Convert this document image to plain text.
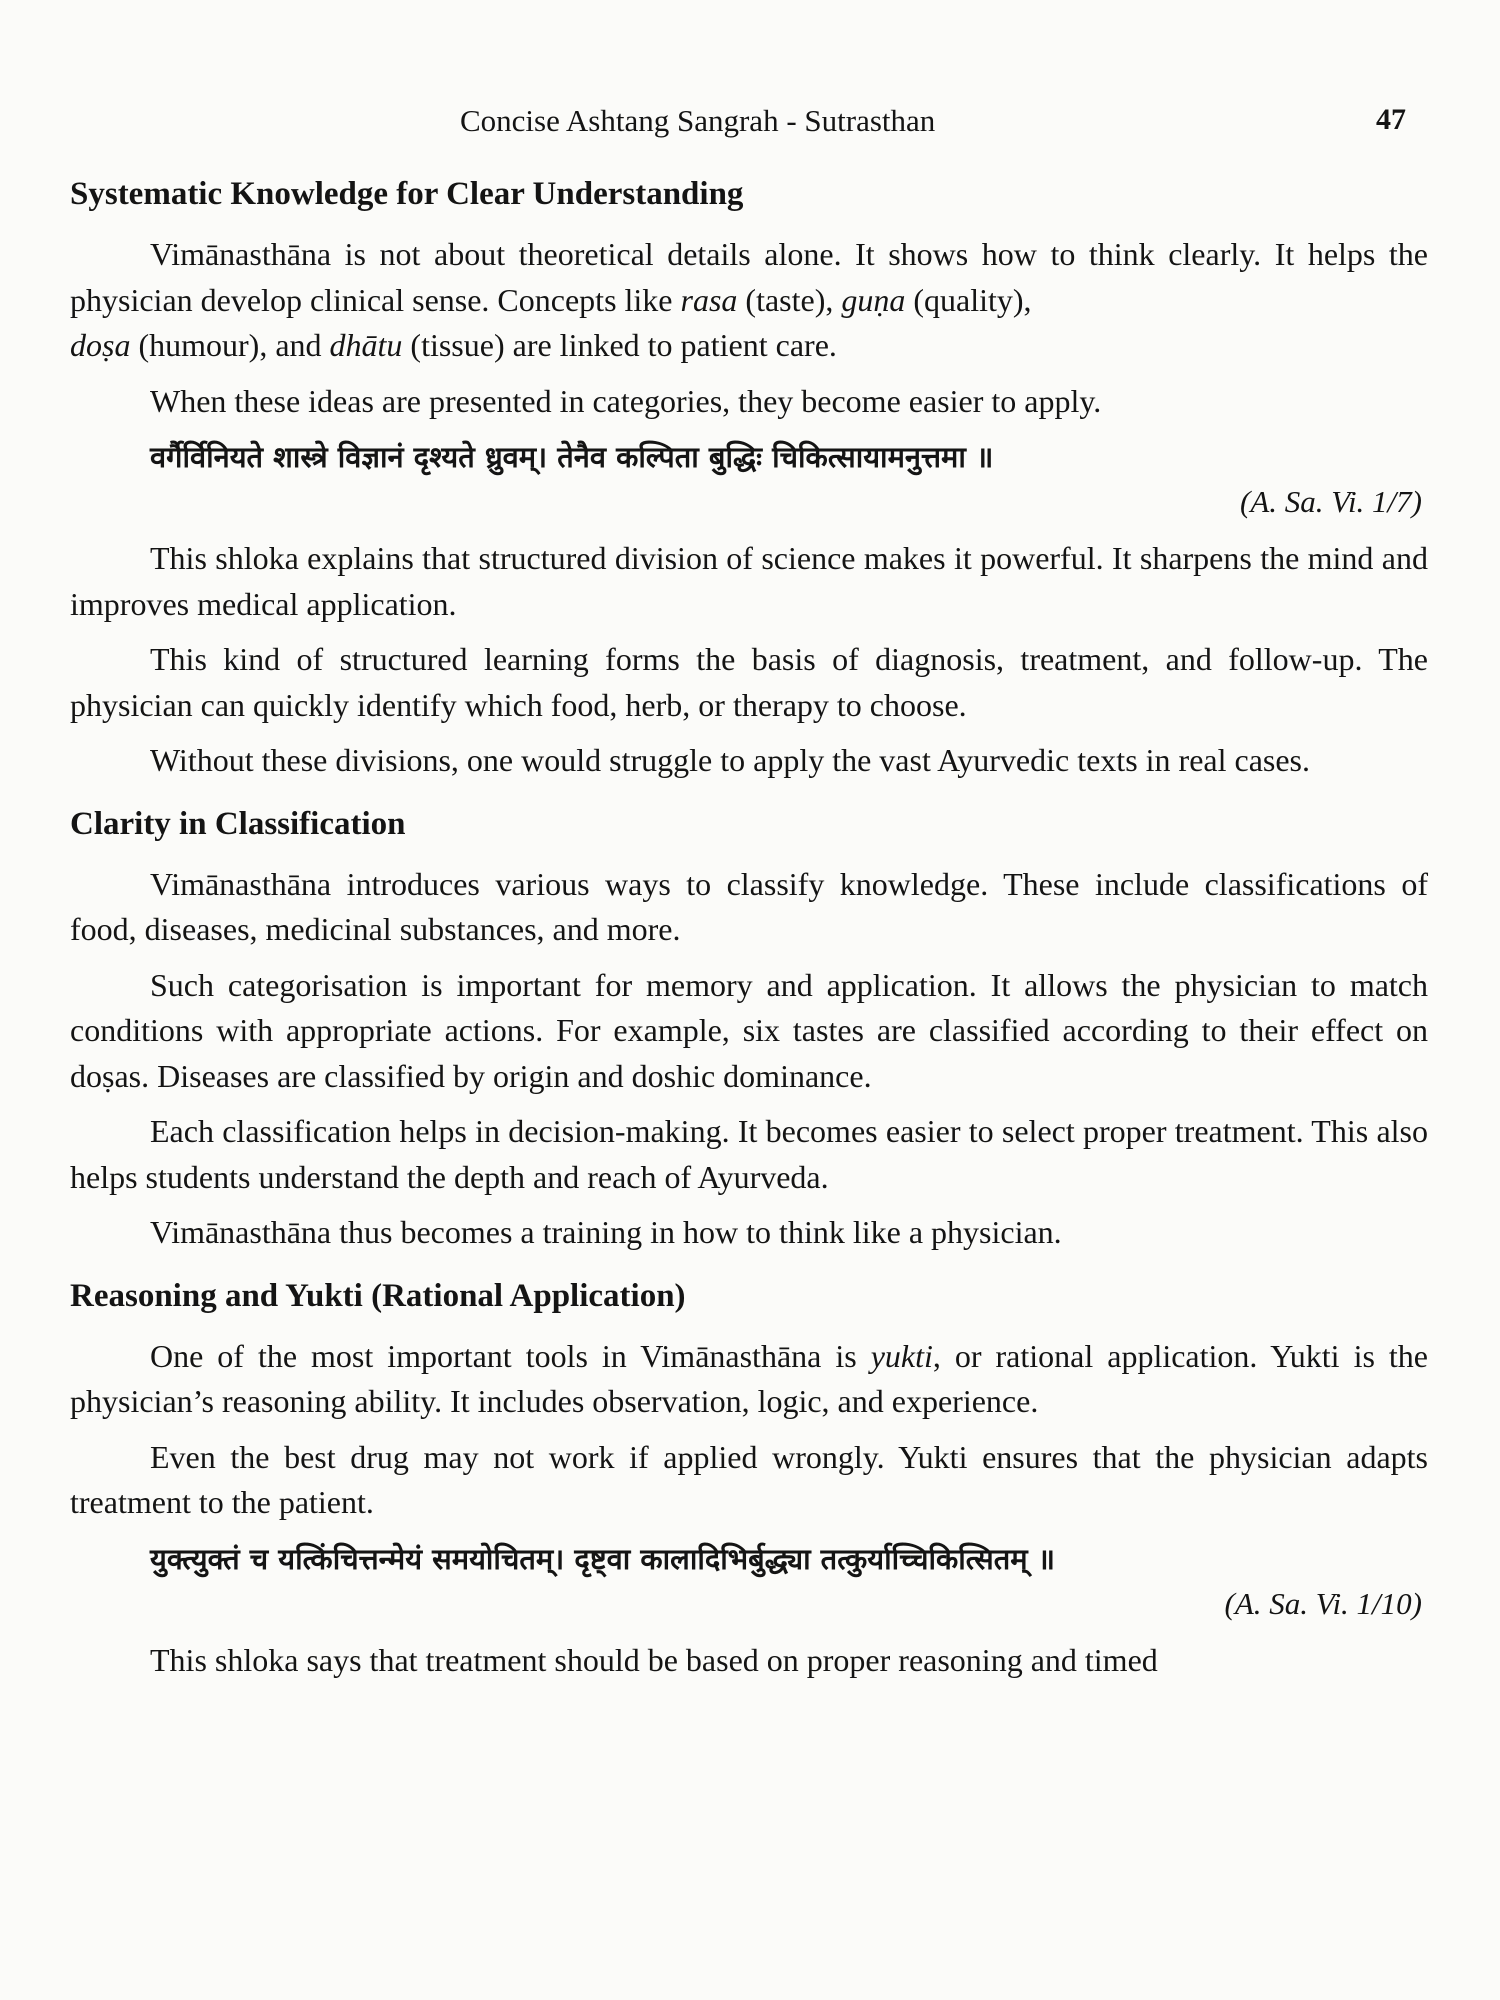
Concise Ashtang Sangrah - Sutrasthan	47
Systematic Knowledge for Clear Understanding

Vimānasthāna is not about theoretical details alone. It shows how to think clearly. It helps the physician develop clinical sense. Concepts like rasa (taste), guṇa (quality),
doṣa (humour), and dhātu (tissue) are linked to patient care.

When these ideas are presented in categories, they become easier to apply.

वर्गैर्विनियते शास्त्रे विज्ञानं दृश्यते ध्रुवम्। तेनैव कल्पिता बुद्धिः चिकित्सायामनुत्तमा ॥
(A. Sa. Vi. 1/7)

This shloka explains that structured division of science makes it powerful. It sharpens the mind and improves medical application.

This kind of structured learning forms the basis of diagnosis, treatment, and follow-up. The physician can quickly identify which food, herb, or therapy to choose.

Without these divisions, one would struggle to apply the vast Ayurvedic texts in real cases.

Clarity in Classification

Vimānasthāna introduces various ways to classify knowledge. These include classifications of food, diseases, medicinal substances, and more.

Such categorisation is important for memory and application. It allows the physician to match conditions with appropriate actions. For example, six tastes are classified according to their effect on doṣas. Diseases are classified by origin and doshic dominance.

Each classification helps in decision-making. It becomes easier to select proper treatment. This also helps students understand the depth and reach of Ayurveda.

Vimānasthāna thus becomes a training in how to think like a physician.

Reasoning and Yukti (Rational Application)

One of the most important tools in Vimānasthāna is yukti, or rational application. Yukti is the physician’s reasoning ability. It includes observation, logic, and experience.

Even the best drug may not work if applied wrongly. Yukti ensures that the physician adapts treatment to the patient.

युक्त्युक्तं च यत्किंचित्तन्मेयं समयोचितम्। दृष्ट्वा कालादिभिर्बुद्ध्या तत्कुर्याच्चिकित्सितम् ॥
(A. Sa. Vi. 1/10)

This shloka says that treatment should be based on proper reasoning and timed
